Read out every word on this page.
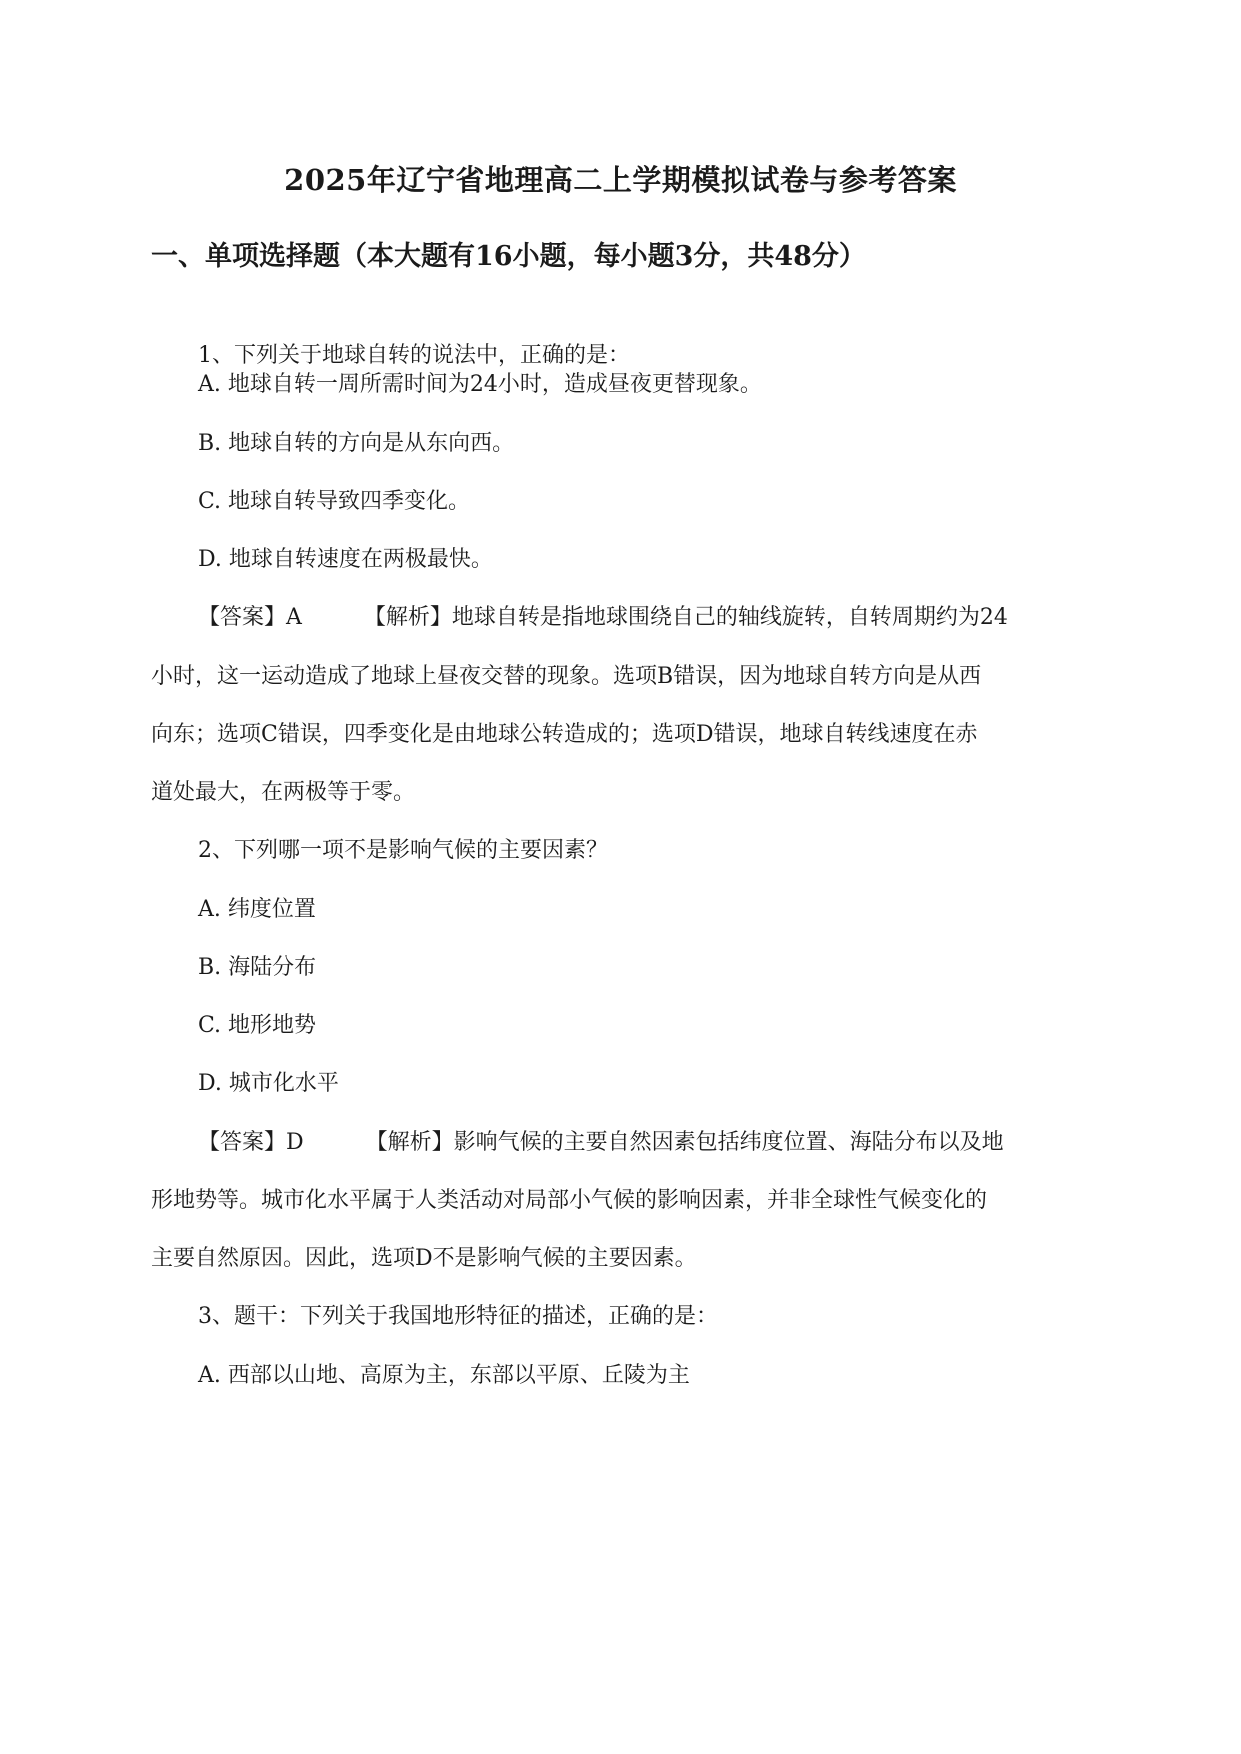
2025年辽宁省地理高二上学期模拟试卷与参考答案
一、单项选择题（本大题有16小题，每小题3分，共48分）
1、下列关于地球自转的说法中，正确的是：
A. 地球自转一周所需时间为24小时，造成昼夜更替现象。
B. 地球自转的方向是从东向西。
C. 地球自转导致四季变化。
D. 地球自转速度在两极最快。
【答案】A	【解析】地球自转是指地球围绕自己的轴线旋转，自转周期约为24
小时，这一运动造成了地球上昼夜交替的现象。选项B错误，因为地球自转方向是从西
向东；选项C错误，四季变化是由地球公转造成的；选项D错误，地球自转线速度在赤
道处最大，在两极等于零。
2、下列哪一项不是影响气候的主要因素？
A. 纬度位置
B. 海陆分布
C. 地形地势
D. 城市化水平
【答案】D	【解析】影响气候的主要自然因素包括纬度位置、海陆分布以及地
形地势等。城市化水平属于人类活动对局部小气候的影响因素，并非全球性气候变化的
主要自然原因。因此，选项D不是影响气候的主要因素。
3、题干：下列关于我国地形特征的描述，正确的是：
A. 西部以山地、高原为主，东部以平原、丘陵为主
